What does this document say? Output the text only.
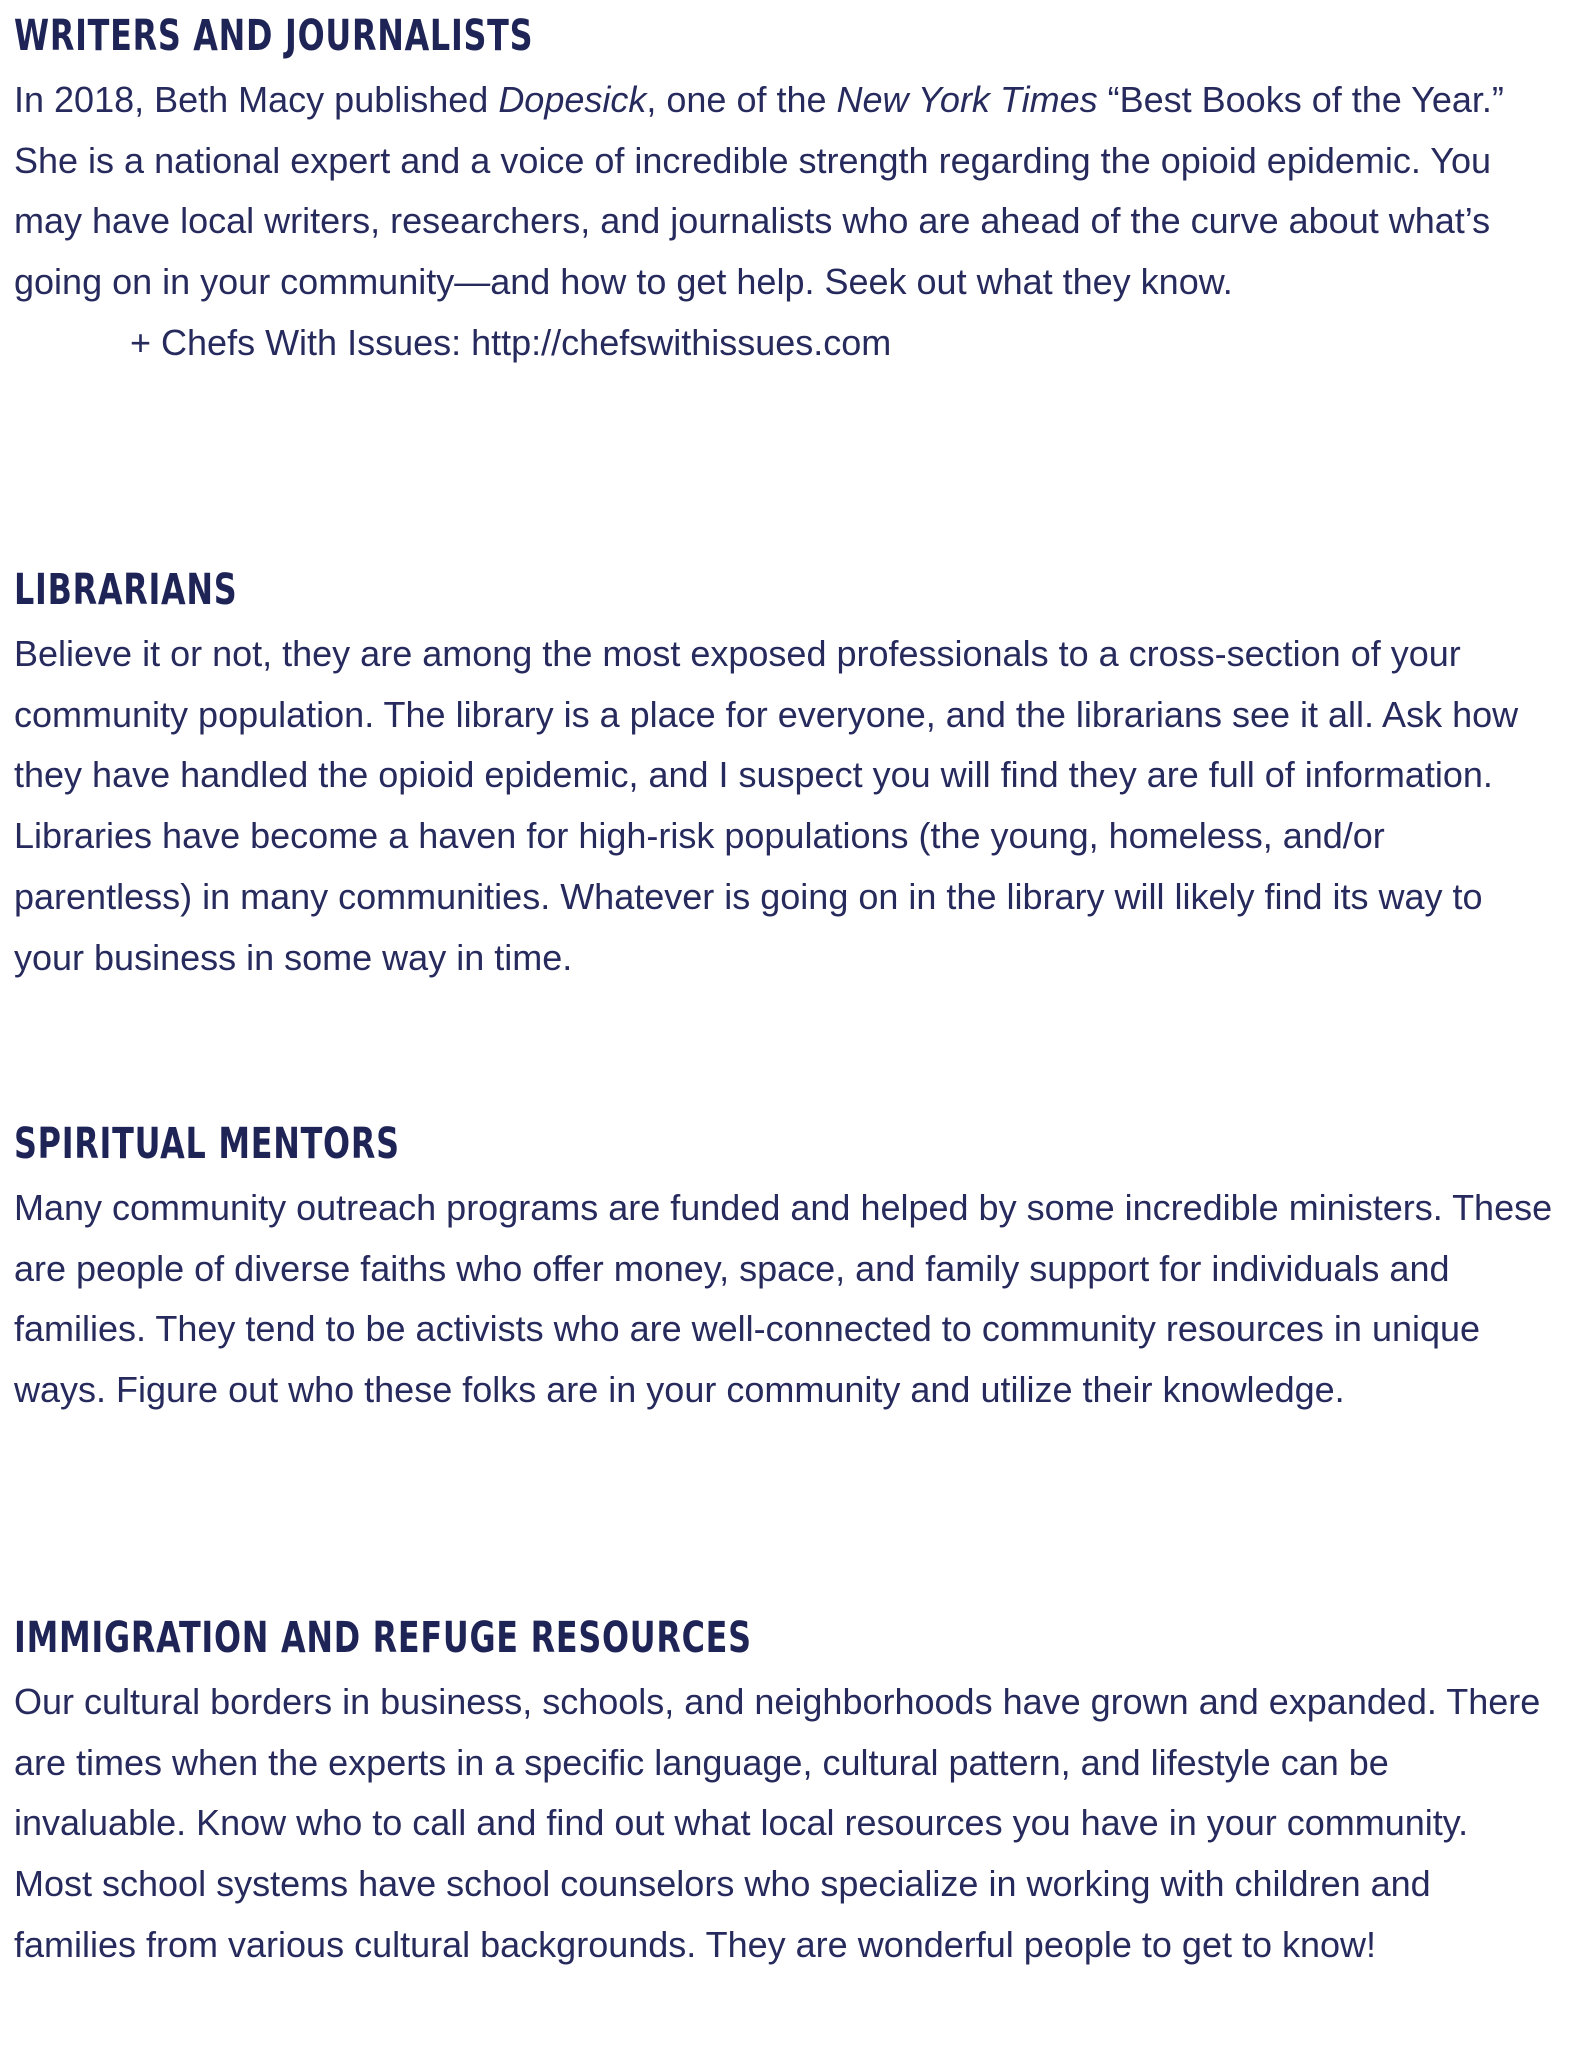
WRITERS AND JOURNALISTS

In 2018, Beth Macy published Dopesick, one of the New York Times “Best Books of the Year.” She is a national expert and a voice of incredible strength regarding the opioid epidemic. You may have local writers, researchers, and journalists who are ahead of the curve about what’s going on in your community—and how to get help. Seek out what they know.

+ Chefs With Issues: http://chefswithissues.com

LIBRARIANS

Believe it or not, they are among the most exposed professionals to a cross-section of your community population. The library is a place for everyone, and the librarians see it all. Ask how they have handled the opioid epidemic, and I suspect you will find they are full of information. Libraries have become a haven for high-risk populations (the young, homeless, and/or parentless) in many communities. Whatever is going on in the library will likely find its way to your business in some way in time.

SPIRITUAL MENTORS

Many community outreach programs are funded and helped by some incredible ministers. These are people of diverse faiths who offer money, space, and family support for individuals and families. They tend to be activists who are well-connected to community resources in unique ways. Figure out who these folks are in your community and utilize their knowledge.

IMMIGRATION AND REFUGE RESOURCES

Our cultural borders in business, schools, and neighborhoods have grown and expanded. There are times when the experts in a specific language, cultural pattern, and lifestyle can be invaluable. Know who to call and find out what local resources you have in your community. Most school systems have school counselors who specialize in working with children and families from various cultural backgrounds. They are wonderful people to get to know!
